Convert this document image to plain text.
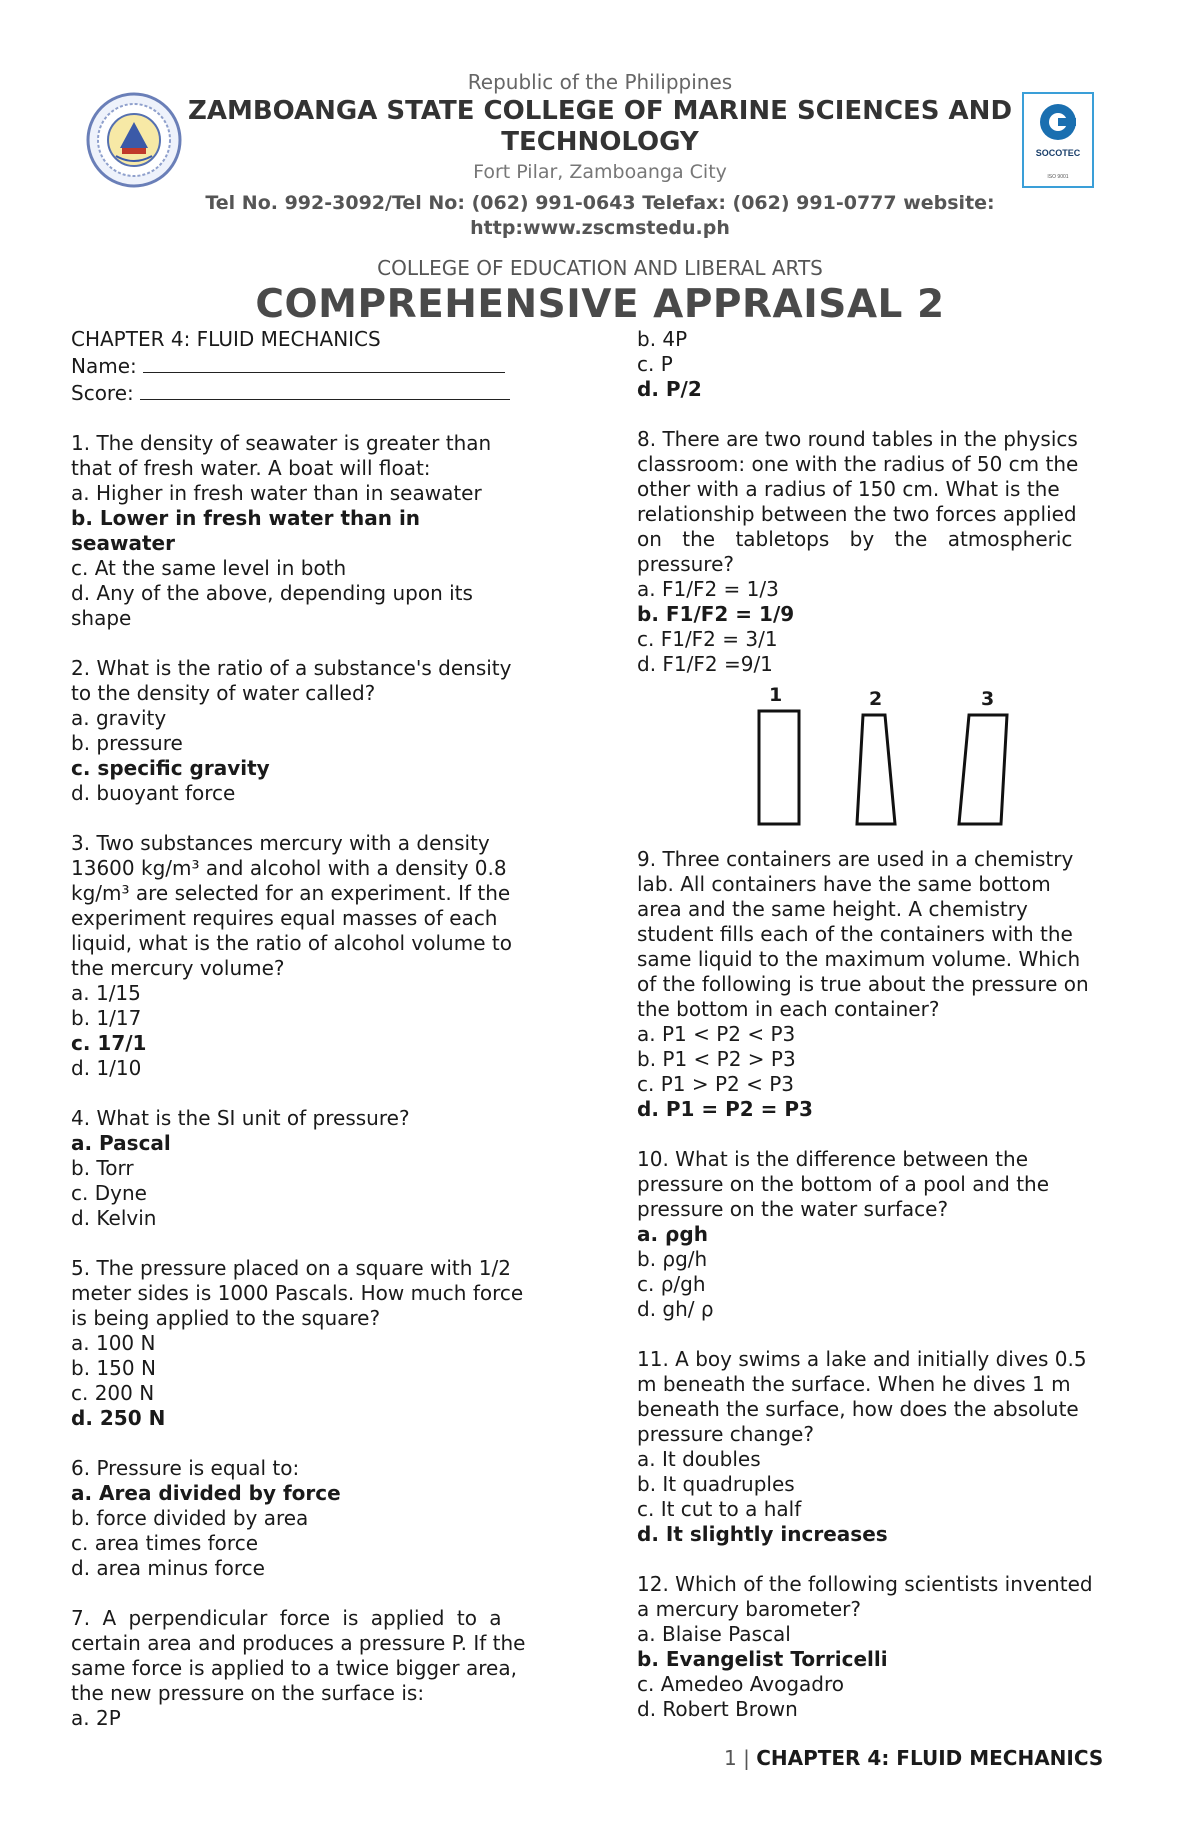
SOCOTEC
ISO 9001
Republic of the Philippines
ZAMBOANGA STATE COLLEGE OF MARINE SCIENCES AND
TECHNOLOGY
Fort Pilar, Zamboanga City
Tel No. 992-3092/Tel No: (062) 991-0643 Telefax: (062) 991-0777 website:
http:www.zscmstedu.ph
COLLEGE OF EDUCATION AND LIBERAL ARTS
COMPREHENSIVE APPRAISAL 2
CHAPTER 4: FLUID MECHANICS
Name:
Score:
1. The density of seawater is greater than
that of fresh water. A boat will float:
a. Higher in fresh water than in seawater
b. Lower in fresh water than in
seawater
c. At the same level in both
d. Any of the above, depending upon its
shape
2. What is the ratio of a substance's density
to the density of water called?
a. gravity
b. pressure
c. specific gravity
d. buoyant force
3. Two substances mercury with a density
13600 kg/m³ and alcohol with a density 0.8
kg/m³ are selected for an experiment. If the
experiment requires equal masses of each
liquid, what is the ratio of alcohol volume to
the mercury volume?
a. 1/15
b. 1/17
c. 17/1
d. 1/10
4. What is the SI unit of pressure?
a. Pascal
b. Torr
c. Dyne
d. Kelvin
5. The pressure placed on a square with 1/2
meter sides is 1000 Pascals. How much force
is being applied to the square?
a. 100 N
b. 150 N
c. 200 N
d. 250 N
6. Pressure is equal to:
a. Area divided by force
b. force divided by area
c. area times force
d. area minus force
7. A perpendicular force is applied to a
certain area and produces a pressure P. If the
same force is applied to a twice bigger area,
the new pressure on the surface is:
a. 2P
b. 4P
c. P
d. P/2
8. There are two round tables in the physics
classroom: one with the radius of 50 cm the
other with a radius of 150 cm. What is the
relationship between the two forces applied
on the tabletops by the atmospheric
pressure?
a. F1/F2 = 1/3
b. F1/F2 = 1/9
c. F1/F2 = 3/1
d. F1/F2 =9/1
1	2	3
9. Three containers are used in a chemistry
lab. All containers have the same bottom
area and the same height. A chemistry
student fills each of the containers with the
same liquid to the maximum volume. Which
of the following is true about the pressure on
the bottom in each container?
a. P1 < P2 < P3
b. P1 < P2 > P3
c. P1 > P2 < P3
d. P1 = P2 = P3
10. What is the difference between the
pressure on the bottom of a pool and the
pressure on the water surface?
a. ρgh
b. ρg/h
c. ρ/gh
d. gh/ ρ
11. A boy swims a lake and initially dives 0.5
m beneath the surface. When he dives 1 m
beneath the surface, how does the absolute
pressure change?
a. It doubles
b. It quadruples
c. It cut to a half
d. It slightly increases
12. Which of the following scientists invented
a mercury barometer?
a. Blaise Pascal
b. Evangelist Torricelli
c. Amedeo Avogadro
d. Robert Brown
1 | CHAPTER 4: FLUID MECHANICS
